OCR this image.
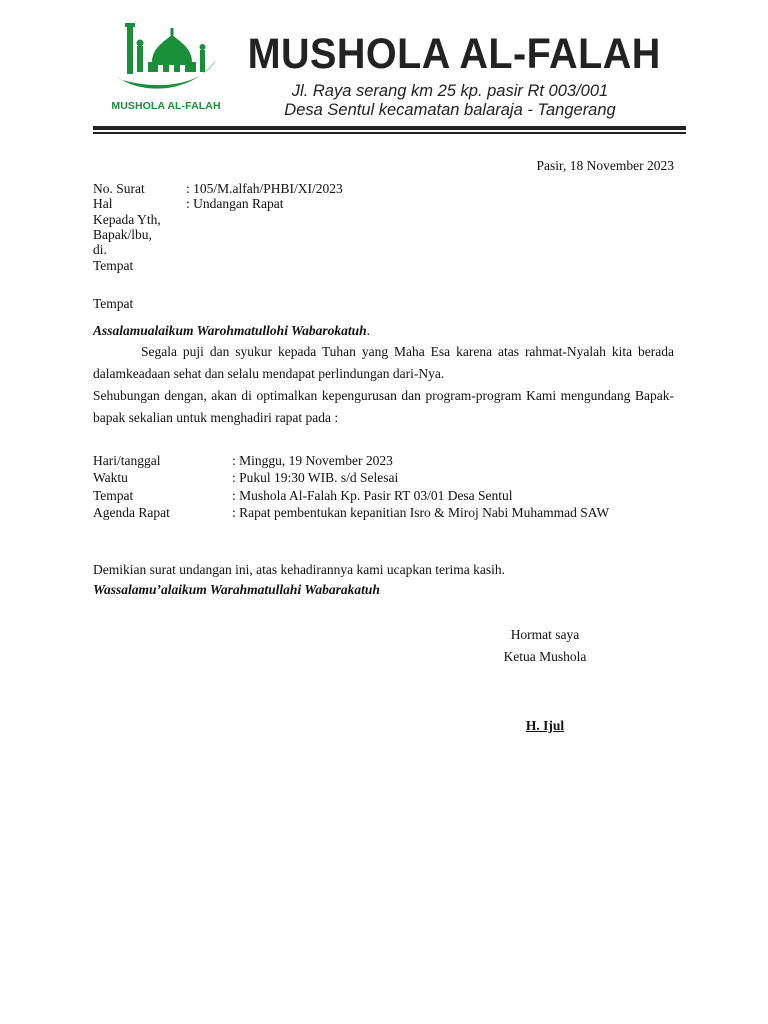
MUSHOLA AL-FALAH
MUSHOLA AL-FALAH
Jl. Raya serang km 25 kp. pasir Rt 003/001
Desa Sentul kecamatan balaraja - Tangerang
Pasir, 18 November 2023
No. Surat	: 105/M.alfah/PHBI/XI/2023
Hal	: Undangan Rapat
Kepada Yth,
Bapak/lbu,
di.
Tempat
Tempat
Assalamualaikum Warohmatullohi Wabarokatuh.
Segala puji dan syukur kepada Tuhan yang Maha Esa karena atas rahmat-Nyalah kita berada dalamkeadaan sehat dan selalu mendapat perlindungan dari-Nya.
Sehubungan dengan, akan di optimalkan kepengurusan dan program-program Kami mengundang Bapak-bapak sekalian untuk menghadiri rapat pada :
Hari/tanggal	: Minggu, 19 November 2023
Waktu	: Pukul 19:30 WIB. s/d Selesai
Tempat	: Mushola Al-Falah Kp. Pasir RT 03/01 Desa Sentul
Agenda Rapat	: Rapat pembentukan kepanitian Isro & Miroj Nabi Muhammad SAW
Demikian surat undangan ini, atas kehadirannya kami ucapkan terima kasih.
Wassalamu’alaikum Warahmatullahi Wabarakatuh
Hormat saya
Ketua Mushola
H. Ijul
